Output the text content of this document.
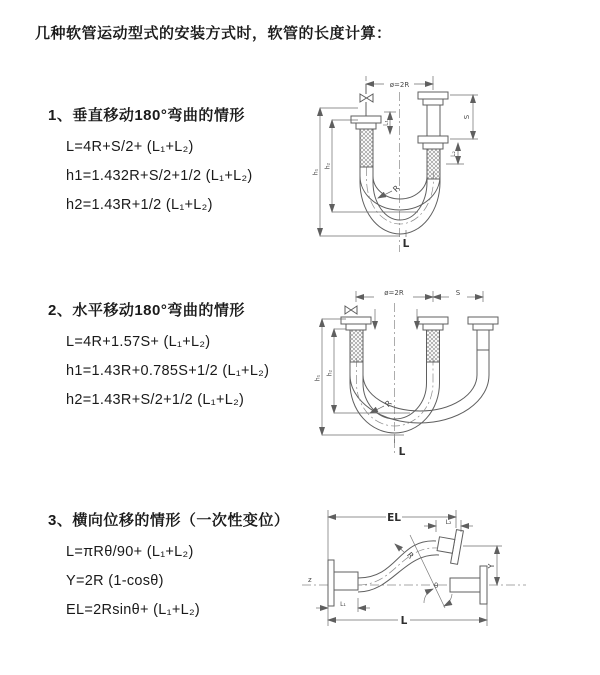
几种软管运动型式的安装方式时，软管的长度计算：
1、垂直移动180°弯曲的情形
L=4R+S/2+ (L₁+L₂)
h1=1.432R+S/2+1/2 (L₁+L₂)
h2=1.43R+1/2 (L₁+L₂)
2、水平移动180°弯曲的情形
L=4R+1.57S+ (L₁+L₂)
h1=1.43R+0.785S+1/2 (L₁+L₂)
h2=1.43R+S/2+1/2 (L₁+L₂)
3、横向位移的情形（一次性变位）
L=πRθ/90+ (L₁+L₂)
Y=2R (1-cosθ)
EL=2Rsinθ+ (L₁+L₂)
ø=2R
S
L₂
L₁
h₁
h₂
R
L
ø=2R	S
h₁
h₂
R
L
z
θ
R
EL	L₂
L₁
Y
L
